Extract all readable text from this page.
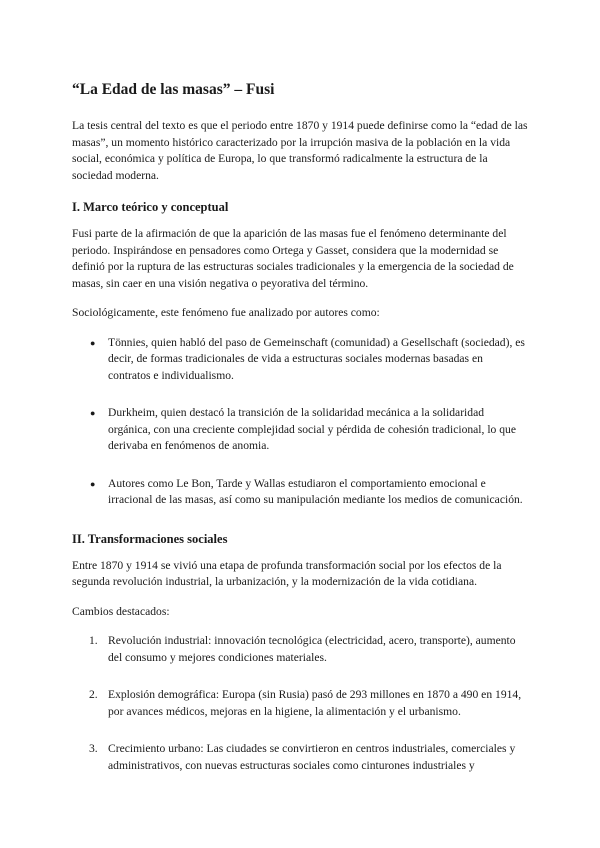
“La Edad de las masas” – Fusi

La tesis central del texto es que el periodo entre 1870 y 1914 puede definirse como la “edad de las masas”, un momento histórico caracterizado por la irrupción masiva de la población en la vida social, económica y política de Europa, lo que transformó radicalmente la estructura de la sociedad moderna.

I. Marco teórico y conceptual

Fusi parte de la afirmación de que la aparición de las masas fue el fenómeno determinante del periodo. Inspirándose en pensadores como Ortega y Gasset, considera que la modernidad se definió por la ruptura de las estructuras sociales tradicionales y la emergencia de la sociedad de masas, sin caer en una visión negativa o peyorativa del término.

Sociológicamente, este fenómeno fue analizado por autores como:

● Tönnies, quien habló del paso de Gemeinschaft (comunidad) a Gesellschaft (sociedad), es decir, de formas tradicionales de vida a estructuras sociales modernas basadas en contratos e individualismo.
● Durkheim, quien destacó la transición de la solidaridad mecánica a la solidaridad orgánica, con una creciente complejidad social y pérdida de cohesión tradicional, lo que derivaba en fenómenos de anomia.
● Autores como Le Bon, Tarde y Wallas estudiaron el comportamiento emocional e irracional de las masas, así como su manipulación mediante los medios de comunicación.
II. Transformaciones sociales

Entre 1870 y 1914 se vivió una etapa de profunda transformación social por los efectos de la segunda revolución industrial, la urbanización, y la modernización de la vida cotidiana.

Cambios destacados:

1. Revolución industrial: innovación tecnológica (electricidad, acero, transporte), aumento del consumo y mejores condiciones materiales.
2. Explosión demográfica: Europa (sin Rusia) pasó de 293 millones en 1870 a 490 en 1914, por avances médicos, mejoras en la higiene, la alimentación y el urbanismo.
3. Crecimiento urbano: Las ciudades se convirtieron en centros industriales, comerciales y administrativos, con nuevas estructuras sociales como cinturones industriales y
